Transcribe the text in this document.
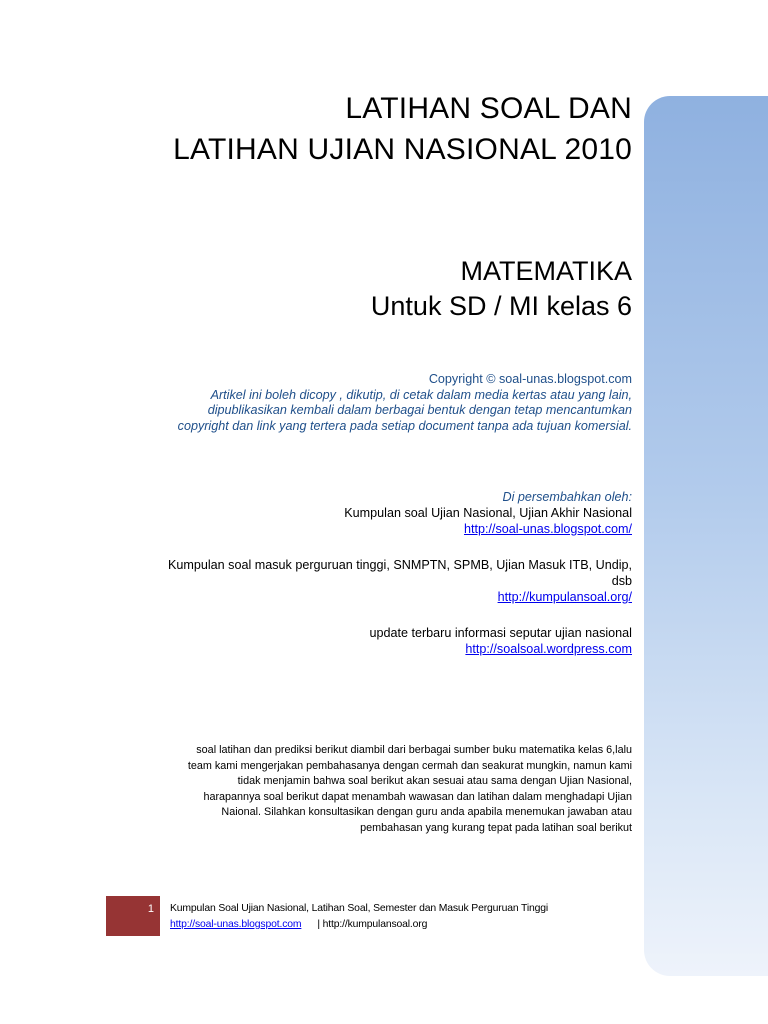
LATIHAN SOAL DAN
LATIHAN UJIAN NASIONAL 2010
MATEMATIKA
Untuk SD / MI kelas 6
Copyright © soal-unas.blogspot.com
Artikel ini boleh dicopy , dikutip, di cetak dalam media kertas atau yang lain,
dipublikasikan kembali dalam berbagai bentuk dengan tetap mencantumkan
copyright dan link yang tertera pada setiap document tanpa ada tujuan komersial.
Di persembahkan oleh:
Kumpulan soal Ujian Nasional, Ujian Akhir Nasional
http://soal-unas.blogspot.com/
Kumpulan soal masuk perguruan tinggi, SNMPTN, SPMB, Ujian Masuk ITB, Undip,
dsb
http://kumpulansoal.org/
update terbaru informasi seputar ujian nasional
http://soalsoal.wordpress.com
soal latihan dan prediksi berikut diambil dari berbagai sumber buku matematika kelas 6,lalu
team kami mengerjakan pembahasanya dengan cermah dan seakurat mungkin, namun kami
tidak menjamin bahwa soal berikut akan sesuai atau sama dengan Ujian Nasional,
harapannya soal berikut dapat menambah wawasan dan latihan dalam menghadapi Ujian
Naional. Silahkan konsultasikan dengan guru anda apabila menemukan jawaban atau
pembahasan yang kurang tepat pada latihan soal berikut
1	Kumpulan Soal Ujian Nasional, Latihan Soal, Semester dan Masuk Perguruan Tinggi
http://soal-unas.blogspot.com | http://kumpulansoal.org
